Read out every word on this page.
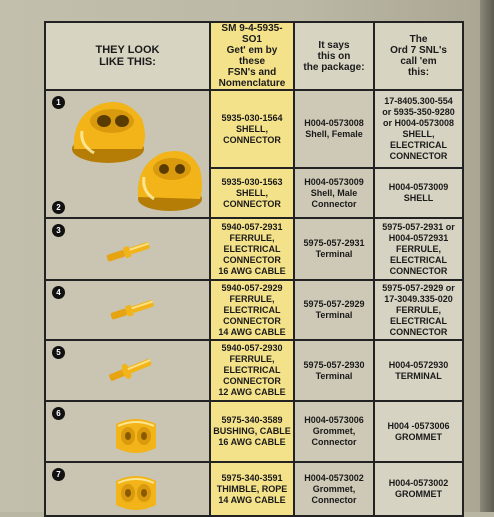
THEY LOOK
LIKE THIS:	SM 9-4-5935-SO1
Get' em by these
FSN's and
Nomenclature	It says
this on
the package:	The
Ord 7 SNL's
call 'em
this:

1
2	5935-030-1564
SHELL, CONNECTOR	H004-0573008
Shell, Female	17-8405.300-554
or 5935-350-9280
or H004-0573008
SHELL, ELECTRICAL
CONNECTOR

	5935-030-1563
SHELL, CONNECTOR	H004-0573009
Shell, Male
Connector	H004-0573009
SHELL

3	5940-057-2931
FERRULE, ELECTRICAL
CONNECTOR
16 AWG CABLE	5975-057-2931
Terminal	5975-057-2931 or
H004-0572931
FERRULE, ELECTRICAL
CONNECTOR

4	5940-057-2929
FERRULE, ELECTRICAL
CONNECTOR
14 AWG CABLE	5975-057-2929
Terminal	5975-057-2929 or
17-3049.335-020
FERRULE, ELECTRICAL
CONNECTOR

5	5940-057-2930
FERRULE, ELECTRICAL
CONNECTOR
12 AWG CABLE	5975-057-2930
Terminal	H004-0572930
TERMINAL

6	5975-340-3589
BUSHING, CABLE
16 AWG CABLE	H004-0573006
Grommet,
Connector	H004 -0573006
GROMMET

7	5975-340-3591
THIMBLE, ROPE
14 AWG CABLE	H004-0573002
Grommet,
Connector	H004-0573002
GROMMET
